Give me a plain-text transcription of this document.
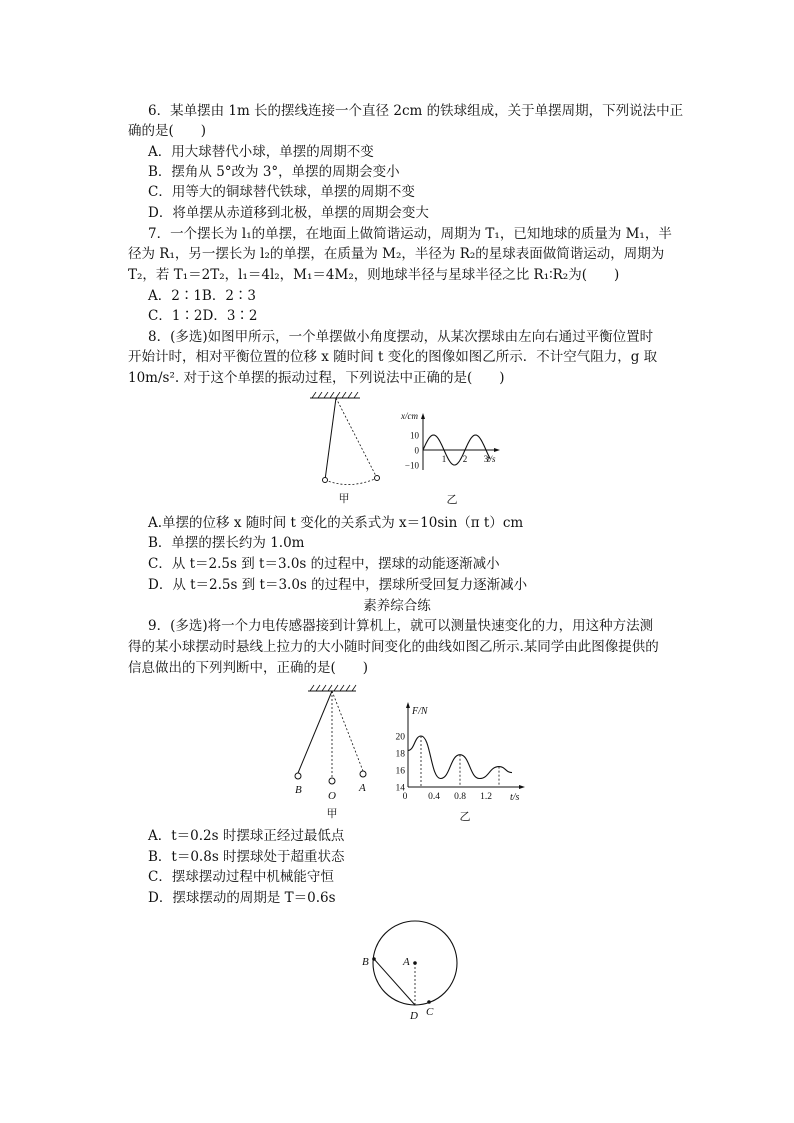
6．某单摆由 1m 长的摆线连接一个直径 2cm 的铁球组成，关于单摆周期，下列说法中正
确的是(　　)
A．用大球替代小球，单摆的周期不变
B．摆角从 5°改为 3°，单摆的周期会变小
C．用等大的铜球替代铁球，单摆的周期不变
D．将单摆从赤道移到北极，单摆的周期会变大
7．一个摆长为 l₁的单摆，在地面上做简谐运动，周期为 T₁，已知地球的质量为 M₁，半
径为 R₁，另一摆长为 l₂的单摆，在质量为 M₂，半径为 R₂的星球表面做简谐运动，周期为
T₂，若 T₁＝2T₂，l₁＝4l₂，M₁＝4M₂，则地球半径与星球半径之比 R₁∶R₂为(　　)
A．2∶1B．2∶3
C．1∶2D．3∶2
8．(多选)如图甲所示，一个单摆做小角度摆动，从某次摆球由左向右通过平衡位置时
开始计时，相对平衡位置的位移 x 随时间 t 变化的图像如图乙所示．不计空气阻力，g 取
10m/s². 对于这个单摆的振动过程，下列说法中正确的是(　　)
甲
x/cm
t/s
10
0
−10
1 2 3
乙
A.单摆的位移 x 随时间 t 变化的关系式为 x＝10sin（π t）cm
B．单摆的摆长约为 1.0m
C．从 t＝2.5s 到 t＝3.0s 的过程中，摆球的动能逐渐减小
D．从 t＝2.5s 到 t＝3.0s 的过程中，摆球所受回复力逐渐减小
素养综合练
9．(多选)将一个力电传感器接到计算机上，就可以测量快速变化的力，用这种方法测
得的某小球摆动时悬线上拉力的大小随时间变化的曲线如图乙所示.某同学由此图像提供的
信息做出的下列判断中，正确的是(　　)
B O
A
甲
F/N
t/s
20
18
16
14
0 0.4 0.8 1.2
乙
A．t＝0.2s 时摆球正经过最低点
B．t＝0.8s 时摆球处于超重状态
C．摆球摆动过程中机械能守恒
D．摆球摆动的周期是 T＝0.6s
A
B
C
D
